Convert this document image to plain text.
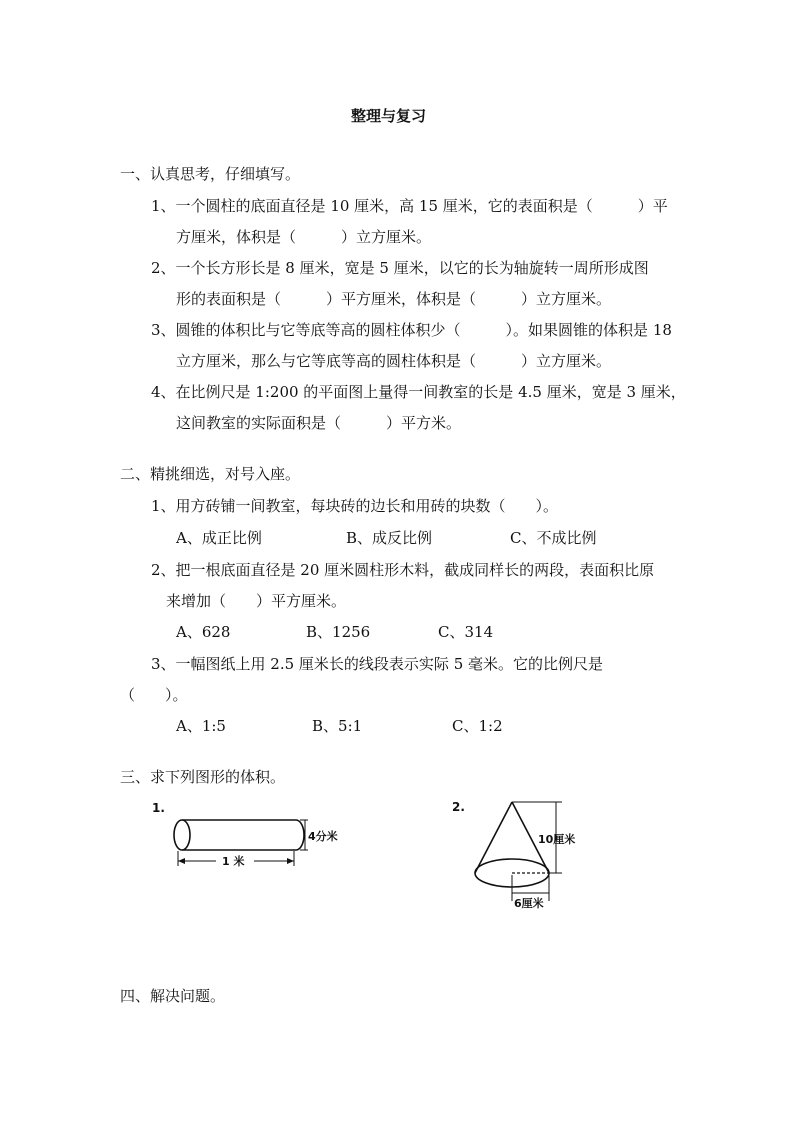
整理与复习
一、认真思考，仔细填写。
1、一个圆柱的底面直径是 10 厘米，高 15 厘米，它的表面积是（　　　）平
方厘米，体积是（　　　）立方厘米。
2、一个长方形长是 8 厘米，宽是 5 厘米，以它的长为轴旋转一周所形成图
形的表面积是（　　　）平方厘米，体积是（　　　）立方厘米。
3、圆锥的体积比与它等底等高的圆柱体积少（　　　）。如果圆锥的体积是 18
立方厘米，那么与它等底等高的圆柱体积是（　　　）立方厘米。
4、在比例尺是 1:200 的平面图上量得一间教室的长是 4.5 厘米，宽是 3 厘米，
这间教室的实际面积是（　　　）平方米。
二、精挑细选，对号入座。
1、用方砖铺一间教室，每块砖的边长和用砖的块数（　　）。
A、成正比例	B、成反比例	C、不成比例
2、把一根底面直径是 20 厘米圆柱形木料，截成同样长的两段，表面积比原
来增加（　　）平方厘米。
A、628	B、1256	C、314
3、一幅图纸上用 2.5 厘米长的线段表示实际 5 毫米。它的比例尺是
（　　）。
A、1:5	B、5:1	C、1:2
三、求下列图形的体积。
1.
4分米
1 米
2.
10厘米
6厘米
四、解决问题。
